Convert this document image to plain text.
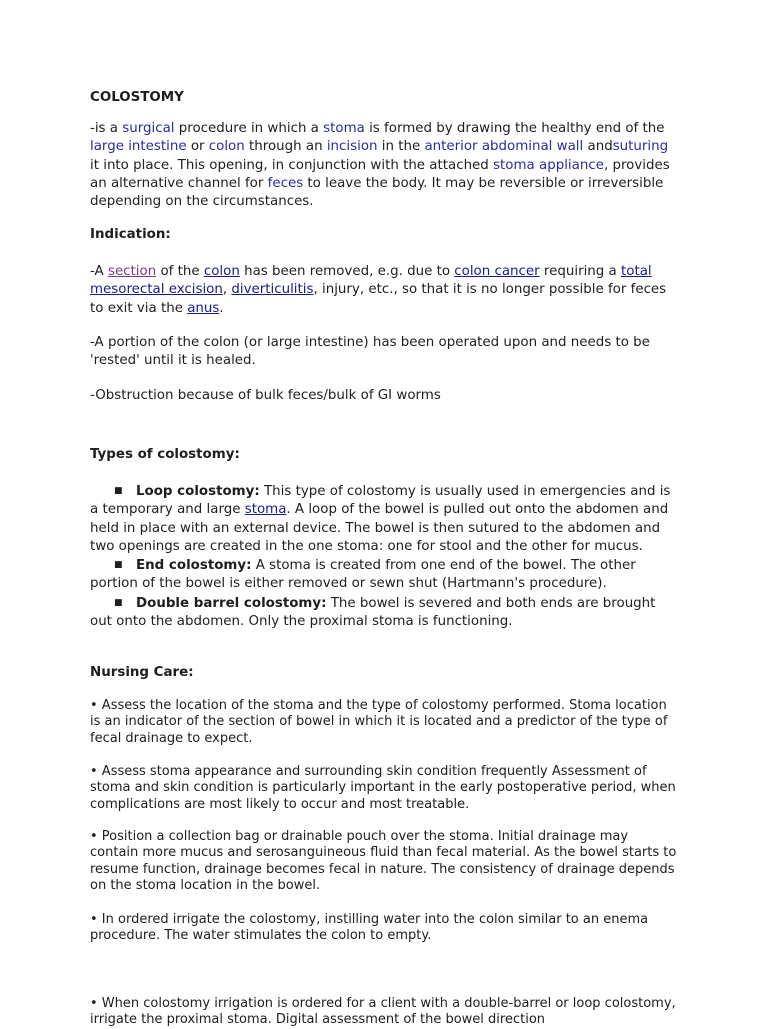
COLOSTOMY

-is a surgical procedure in which a stoma is formed by drawing the healthy end of the large intestine or colon through an incision in the anterior abdominal wall andsuturing it into place. This opening, in conjunction with the attached stoma appliance, provides an alternative channel for feces to leave the body. It may be reversible or irreversible depending on the circumstances.

Indication:

-A section of the colon has been removed, e.g. due to colon cancer requiring a total mesorectal excision, diverticulitis, injury, etc., so that it is no longer possible for feces to exit via the anus.

-A portion of the colon (or large intestine) has been operated upon and needs to be 'rested' until it is healed.

-Obstruction because of bulk feces/bulk of GI worms

Types of colostomy:

■ Loop colostomy: This type of colostomy is usually used in emergencies and is a temporary and large stoma. A loop of the bowel is pulled out onto the abdomen and held in place with an external device. The bowel is then sutured to the abdomen and two openings are created in the one stoma: one for stool and the other for mucus.
■ End colostomy: A stoma is created from one end of the bowel. The other portion of the bowel is either removed or sewn shut (Hartmann's procedure).
■ Double barrel colostomy: The bowel is severed and both ends are brought out onto the abdomen. Only the proximal stoma is functioning.

Nursing Care:

• Assess the location of the stoma and the type of colostomy performed. Stoma location is an indicator of the section of bowel in which it is located and a predictor of the type of fecal drainage to expect.

• Assess stoma appearance and surrounding skin condition frequently Assessment of stoma and skin condition is particularly important in the early postoperative period, when complications are most likely to occur and most treatable.

• Position a collection bag or drainable pouch over the stoma. Initial drainage may contain more mucus and serosanguineous fluid than fecal material. As the bowel starts to resume function, drainage becomes fecal in nature. The consistency of drainage depends on the stoma location in the bowel.

• In ordered irrigate the colostomy, instilling water into the colon similar to an enema procedure. The water stimulates the colon to empty.

• When colostomy irrigation is ordered for a client with a double-barrel or loop colostomy, irrigate the proximal stoma. Digital assessment of the bowel direction
